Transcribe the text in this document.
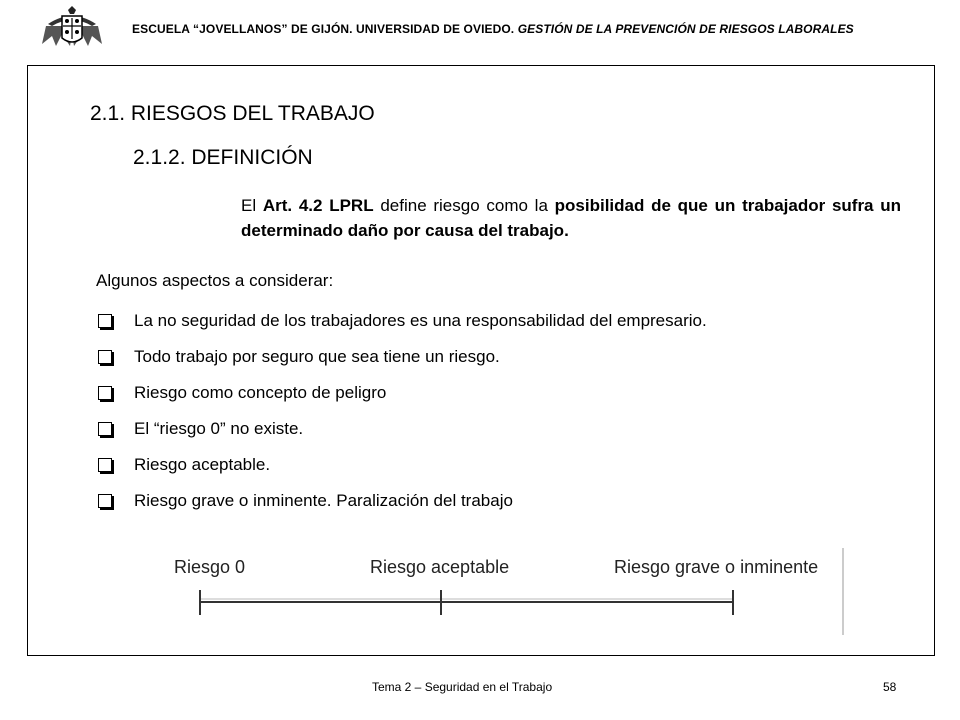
ESCUELA “JOVELLANOS” DE GIJÓN. UNIVERSIDAD DE OVIEDO. GESTIÓN DE LA PREVENCIÓN DE RIESGOS LABORALES
2.1. RIESGOS DEL TRABAJO
2.1.2. DEFINICIÓN
El Art. 4.2 LPRL define riesgo como la posibilidad de que un trabajador sufra un determinado daño por causa del trabajo.
Algunos aspectos a considerar:
La no seguridad de los trabajadores es una responsabilidad del empresario.
Todo trabajo por seguro que sea tiene un riesgo.
Riesgo como concepto de peligro
El “riesgo 0” no existe.
Riesgo aceptable.
Riesgo grave o inminente. Paralización del trabajo
Riesgo 0	Riesgo aceptable	Riesgo grave o inminente
Tema 2 – Seguridad en el Trabajo	58
